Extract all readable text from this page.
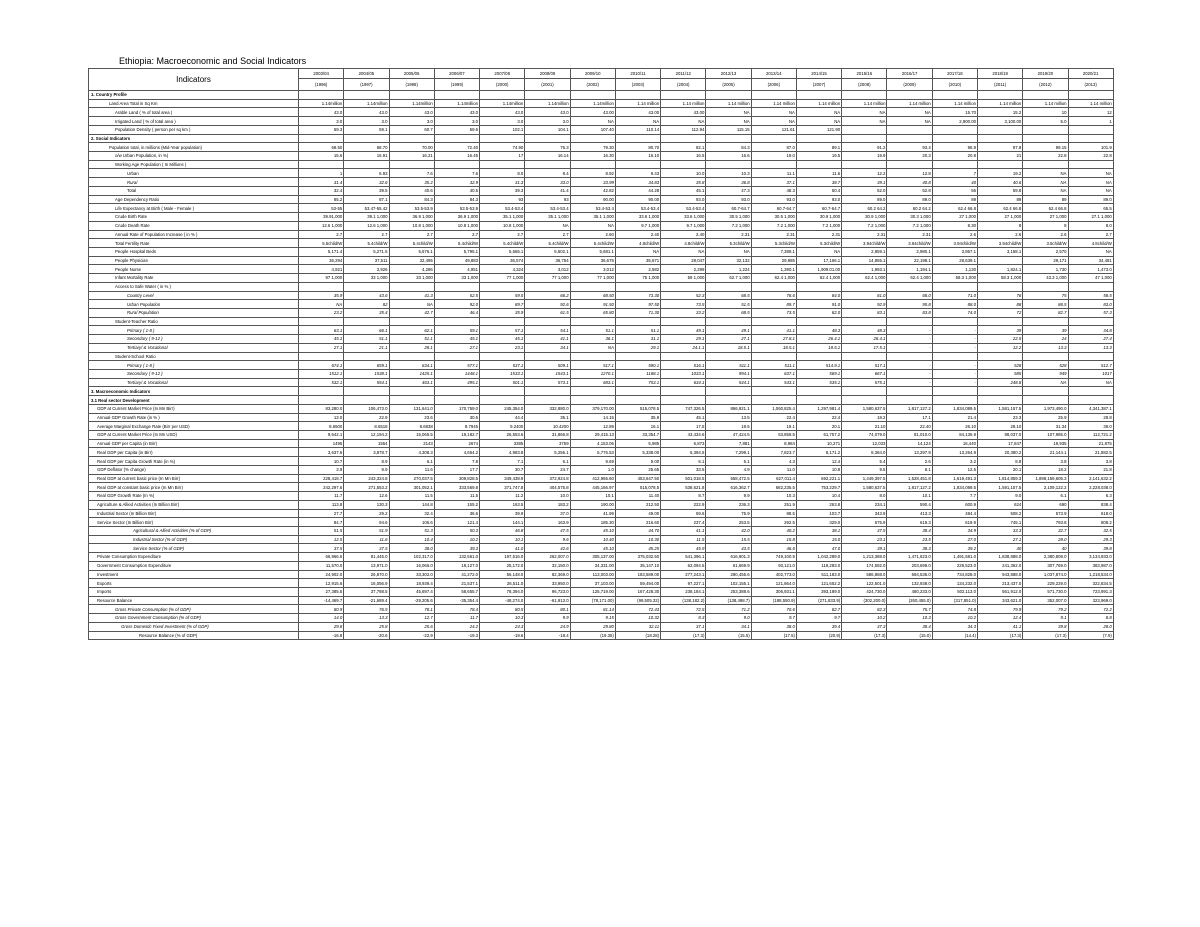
Ethiopia: Macroeconomic and Social Indicators
Indicators	2003/04	2004/05	2005/06	2006/07	2007/08	2008/09	2009/10	2010/11	2011/12	2012/13	2013/14	2014/15	2015/16	2016/17	2017/18	2018/19	2019/20	2020/21
	(1996)	(1997)	(1998)	(1999)	(2000)	(2001)	(2002)	(2003)	(2004)	(2005)	(2006)	(2007)	(2008)	(2009)	(2010)	(2011)	(2012)	(2013)
1. Country Profile																		
Land Area Total in Sq Km	1.14million	1.14million	1.14million	1.14million	1.14million	1.14million	1.14million	1.14 million	1.14 million	1.14 million	1.14 million	1.14 million	1.14 million	1.14 million	1.14 million	1.14 million	1.14 million	1.14 million
Arable Land ( % of total area )	43.0	43.0	43.0	43.0	43.0	43.0	43.00	43.00	43.00	NA	NA	NA	NA	NA	15.70	15.2	10	12
Irrigated Land ( % of total area )	3.0	3.0	3.0	3.0	3.0	3.0	NA	NA	NA	NA	NA	NA	NA	NA	2,900.00	3,100.00	5.0	1
Population Density ( person per sq km )	59.3	59.1	60.7	59.6	102.1	104.1	107.40	110.14	112.94	115.15	121.61	121.90						
2. Social Indicators																		
Population total, in millions (Mid-Year population)	68.50	68.70	70.00	72.40	74.90	76.3	79.30	80.70	82.1	84.3	87.0	89.1	91.2	93.4	95.9	97.8	99.15	101.9
o/w Urban Population, in %)	15.6	15.91	16.21	16.45	17	16.14	16.30	16.10	16.5	16.6	19.0	19.5	19.9	20.3	20.8	21	22.8	22.8
Working Age Population ( In Millions )																		
Urban	1	6.93	7.6	7.6	8.0	8.4	8.92	9.43	10.0	10.3	11.1	11.6	12.2	12.8	7	19.2	NA	NA
Rural	31.4	32.6	35.2	32.9	31.3	33.0	33.99	34.83	35.8	36.8	37.1	38.7	39.1	40.8	40	40.6	NA	NA
Total	32.4	39.5	40.6	40.5	39.3	41.4	42.82	44.28	45.1	47.3	48.3	50.4	52.0	52.8	56	59.8	NA	NA
Age Dependency Ratio	85.2	87.1	84.3	84.3	93	93	90.00	90.00	93.0	93.0	93.0	93.0	89.0	89.0	89	89	89	89.0
Life Expectancy at Birth ( Male - Female )	53-55	53.47-55.42	53.5-53.9	53.5-53.9	53.4-53.4	53.4-53.4	53.4-53.4	53.4-53.4	53.4-53.4	60.7-64.7	60.7-64.7	60.7-64.7	60.2 64.2	60.2 64.2	62.4 66.8	62.4 66.8	62.4 66.8	65.5
Crude Birth Rate	39.91,000	39.1 1,000	36.9 1,000	36.9 1,000	35.1 1,000	35.1 1,000	35.1 1,000	33.6 1,000	33.6 1,000	30.5 1,000	30.5 1,000	30.9 1,000	30.9 1,000	30.3 1,000	27 1,000	27 1,000	27 1,000	27.1 1,000
Crude Death Rate	12.6 1,000	12.6 1,000	10.8 1,000	10.8 1,000	10.8 1,000	NA	NA	9.7 1,000	9.7 1,000	7.2 1,000	7.2 1,000	7.2 1,000	7.2 1,000	7.2 1,000	8.30	8	8	8.0
Annual Rate of Population Increase ( in % )	2.7	2.7	2.7	2.7	2.7	2.7	2.60	2.40	2.40	2.31	2.31	2.31	2.31	2.31	2.6	2.6	2.6	2.7
Total Fertility Rate	5.5child/W	5.4child/W	5.4child/W	5.4child/W	5.4child/W	5.4child/W	5.4child/W	4.8child/W	4.8child/W	5.3child/W	5.3child/W	5.3child/W	3.94child/W	3.94child/W	3.94child/W	3.94child/W	3.5child/W	4.8child/W
People Hospital Beds	5,171.4	5,271.5	5,676.1	5,795.1	5,665.1	5,602.1	5,681.1	NA	NA	NA	7,388.1	NA	2,859.1	2,980.1	3,867.1	3,158.1	2,570	NA
People Physician	36,294	37,511	32,495	49,883	36,574	36,754	36,675	35,671	28,047	32,132	29,985	17,166.1	14,855.1	22,198.1	28,639.1		29,171	34,481
People Nurse	4,921	3,926	4,286	4,951	4,324	3,012	3,012	2,582	2,299	1,224	1,390.1	1,909.01.00	1,993.1	1,194.1	1,130	1,824.1	1,730	1,473.0
Infant Mortality Rate	97 1,000	33 1,000	33 1,000	33 1,000	77 1,000	77 1,000	77 1,000	75 1,000	59 1,000	62.7 1,000	62.4 1,000	62.4 1,000	62.4 1,000	62.4 1,000	58.3 1,000	58.3 1,000	43.3 1,000	47 1,000
Access to Safe Water ( in % )																		
Country Level	35.9	43.6	41.3	52.5	59.5	66.2	68.50	73.30	52.3	68.5	78.6	84.0	81.0	68.0	71.0	76	75	58.5
Urban Population	NA	82	NA	92.0	89.7	92.6	91.50	97.50	73.5	51.5	89.7	91.0	92.9	95.8	88.0	88	86.5	83.0
Rural Population	23.2	35.4	42.7	46.4	35.9	61.5	65.80	71.30	33.2	68.5	73.5	82.0	83.1	83.8	74.0	72	82.7	57.3
Student-Teacher Ratio																		
Primary ( 1-8 )	63.1	66.1	62.1	59.1	57.1	54.1	51.1	51.1	49.1	49.1	41.1	48.3	48.3	-	-	39	39	34.8
Secondary ( 9-12 )	45.1	51.1	51.1	45.1	45.1	41.1	36.1	31.1	29.1	27.1	27.8.1	26.4.1	26.4.1	-	-	22.5	24	27.4
Tertiary/ & Vocational	27.1	21.1	28.1	27.1	23.1	34.1	NA	29.1	24.1.1	18.5.1	18.5.1	18.5.1	17.5.1	-	-	12.2	13.3	13.3
Student-School Ratio																		
Primary ( 1-8 )	674.1	659.1	634.1	577.1	537.1	509.1	517.1	590.1	516.1	511.1	511.1	514.9.1	517.1	-	-	528	528	512.7
Secondary ( 9-12 )	1512.1	1538.1	1425.1	1448.1	1533.1	1543.1	1270.1	1168.1	1033.1	994.1	637.1	569.1	667.1	-	-	585	949	1017
Tertiary/ & Vocational	532.1	554.1	463.1	495.1	501.1	573.1	683.1	753.1	634.1	544.1	543.1	535.1	575.1	-	-	248.8	NA	NA
3. Macroeconomic Indicators																		
3.1 Real sector Development																		
GDP at Current Market Price (In Mn Birr)	83,280.0	106,473.0	131,641.0	170,759.0	245,354.0	332,880.0	379,170.00	515,078.5	747,326.5	866,921.1	1,060,825.4	1,297,981.4	1,580,637.5	1,817,127.2	1,834,089.5	1,581,157.5	1,973,490.0	4,341,387.1
Annual GDP Growth Rate (in % )	13.0	22.9	23.6	30.6	44.4	35.1	14.15	35.9	45.1	13.5	22.4	22.4	18.2	17.1	21.4	23.3	25.9	28.8
Average Marginal Exchange Rate (Birr per USD)	8.6500	8.6518	8.6838	8.7945	9.2400	10.4200	12.89	16.1	17.5	18.5	19.1	20.1	21.10	22.40	26.10	28.10	31.34	39.0
GDP at Current Market Price (In Mn USD)	9,642.1	12,194.2	15,065.5	19,182.7	26,553.6	31,866.8	29,415.13	33,354.7	43,434.6	47,424.5	53,858.5	61,757.2	74,079.0	81,010.0	84,136.9	98,037.0	107,986.0	112,721.2
Annual GDP per Capita (in Birr)	1495	1554	2143	2674	3385	3759	4,153.06	5,985	6,873	7,881	8,984	10,271	12,033	14,124	16,440	17,847	19,935	21,875
Real GDP per Capita (in Birr)	3,637.6	3,878.7	4,308.3	4,654.2	4,983.8	5,256.1	5,776.53	5,338.00	6,394.5	7,299.1	7,823.7	8,171.2	8,384.0	13,297.9	13,264.9	20,380.2	21,144.1	21,882.5
Real GDP per Capita Growth Rate (in %)	10.7	8.9	6.1	7.8	7.1	6.1	9.69	9.00	6.1	5.1	4.3	12.4	5.4	2.6	3.2	8.8	3.8	3.8
GDP Deflator (% change)	3.9	9.9	11.6	17.7	30.7	24.7	1.0	25.65	33.5	4.9	11.0	10.8	9.5	8.1	12.5	20.1	18.2	21.8
Real GDP at current basic price (In Mn Birr)	228,418.7	243,324.8	270,037.5	309,828.5	349,438.9	372,924.8	412,965.60	453,647.50	501,018.5	558,472.5	627,011.4	692,221.1	1,449,397.5	1,528,451.8	1,619,491.3	1,814,859.3	1,898,159,605.3	2,141,632.2
Real GDP at constant basic price (In Mn Birr)	242,297.6	271,553.2	301,052.1	333,569.8	371,747.8	404,575.8	445,166.97	515,078.5	538,621.8	616,362.7	682,235.5	753,229.7	1,580,637.5	1,817,127.2	1,834,089.5	1,591,157.5	2,109,122.2	2,228,038.0
Real GDP Growth Rate (In %)	11.7	12.6	11.5	11.5	11.2	10.0	10.1	11.40	8.7	9.9	10.3	10.4	8.0	10.1	7.7	9.0	6.1	6.3
Agriculture & Allied Activities (In Billion Birr)	113.8	130.3	144.8	155.2	163.5	183.2	190.00	212.50	222.9	236.3	251.9	263.8	234.1	590.4	600.9	624	690	838.4
Industrial Sector (In Billion Birr)	27.7	29.2	32.4	36.6	39.9	37.0	41.99	49.00	59.6	75.9	88.5	103.7	343.9	413.3	484.4	508.2	573.9	618.0
Service Sector (In Billion Birr)	84.7	94.6	106.6	121.4	144.1	163.9	185.30	216.60	237.4	253.5	292.5	329.0	575.9	619.3	619.9	745.1	793.8	808.2
Agricultural & Allied Activities (% of GDP)	51.5	51.9	51.3	50.3	46.8	47.5	45.10	44.70	41.1	42.0	40.2	38.1	37.5	38.4	34.9	33.3	32.7	32.5
Industrial Sector (% of GDP)	12.5	11.6	10.4	10.2	10.1	9.6	10.40	10.30	11.5	15.5	15.8	15.0	23.1	23.5	27.0	27.1	28.0	29.3
Service Sector (% of GDP)	37.5	37.5	38.0	39.3	41.0	42.6	45.10	45.25	45.9	43.5	46.6	47.0	39.1	38.3	39.2	40	40	39.8
Private Consumption Expenditure	66,966.6	81,445.0	102,317.0	132,561.0	197,516.0	262,007.0	305,137.00	375,032.50	541,396.1	616,901.3	749,100.9	1,042,289.0	1,213,388.0	1,471,623.0	1,491,581.0	1,838,888.0	2,380,808.0	3,134,933.0
Government Consumption Expenditure	11,570.0	13,971.0	16,066.0	19,127.0	25,172.0	32,150.0	34,331.00	35,147.10	62,094.5	61,669.9	93,121.0	118,283.0	174,592.0	203,698.0	229,523.0	241,362.0	307,769.0	383,987.0
Investment	24,902.0	26,870.0	33,302.0	41,272.0	56,148.0	82,369.0	113,003.00	183,589.00	277,243.1	290,455.6	402,773.0	511,183.0	586,868.0	694,536.0	734,828.0	943,888.0	1,037,874.0	1,218,534.0
Exports	12,915.6	16,056.9	18,939.4	21,537.1	26,511.0	33,950.0	37,103.00	59,494.00	97,227.1	102,155.1	121,864.0	121,652.2	122,501.0	132,938.0	134,232.0	213,437.0	229,229.0	322,834.5
Imports	27,385.5	37,788.5	45,697.4	58,655.7	78,394.0	96,723.0	125,719.00	167,428.30	238,184.1	253,388.6	306,931.1	393,189.0	424,730.0	480,233.0	502,113.0	561,912.0	571,730.0	723,991.3
Resource Balance	-14,469.7	-21,689.4	-29,205.6	-35,354.4	-48,274.0	-61,913.0	(78,171.00)	(99,505.32)	(138,182.2)	(138,498.7)	(188,550.9)	(271,833.9)	(302,200.0)	(260,455.0)	(317,851.0)	343,621.0	352,007.0	323,969.0
Gross Private Consumption (% of GDP)	80.9	76.5	78.1	78.4	80.5	80.1	81.14	72.43	72.5	71.2	70.6	82.7	82.3	75.7	74.8	79.9	79.2	72.2
Gross Government Consumption (% of GDP)	14.0	13.3	12.7	11.7	10.3	9.9	9.15	10.32	8.3	9.0	9.7	9.7	10.2	10.3	10.2	12.4	9.1	8.8
Gross Domestic Fixed Investment (% of GDP)	29.8	25.8	25.6	24.2	24.3	24.9	29.80	32.11	37.1	34.1	38.0	39.4	37.3	38.4	34.3	41.1	39.8	28.0
Resource Balance (% of GDP)	-16.8	-20.6	-22.9	-19.3	-19.6	-18.4	(19.35)	(18.28)	(17.3)	(15.5)	(17.5)	(20.9)	(17.3)	(15.0)	(14.4)	(17.3)	(17.3)	(7.9)
